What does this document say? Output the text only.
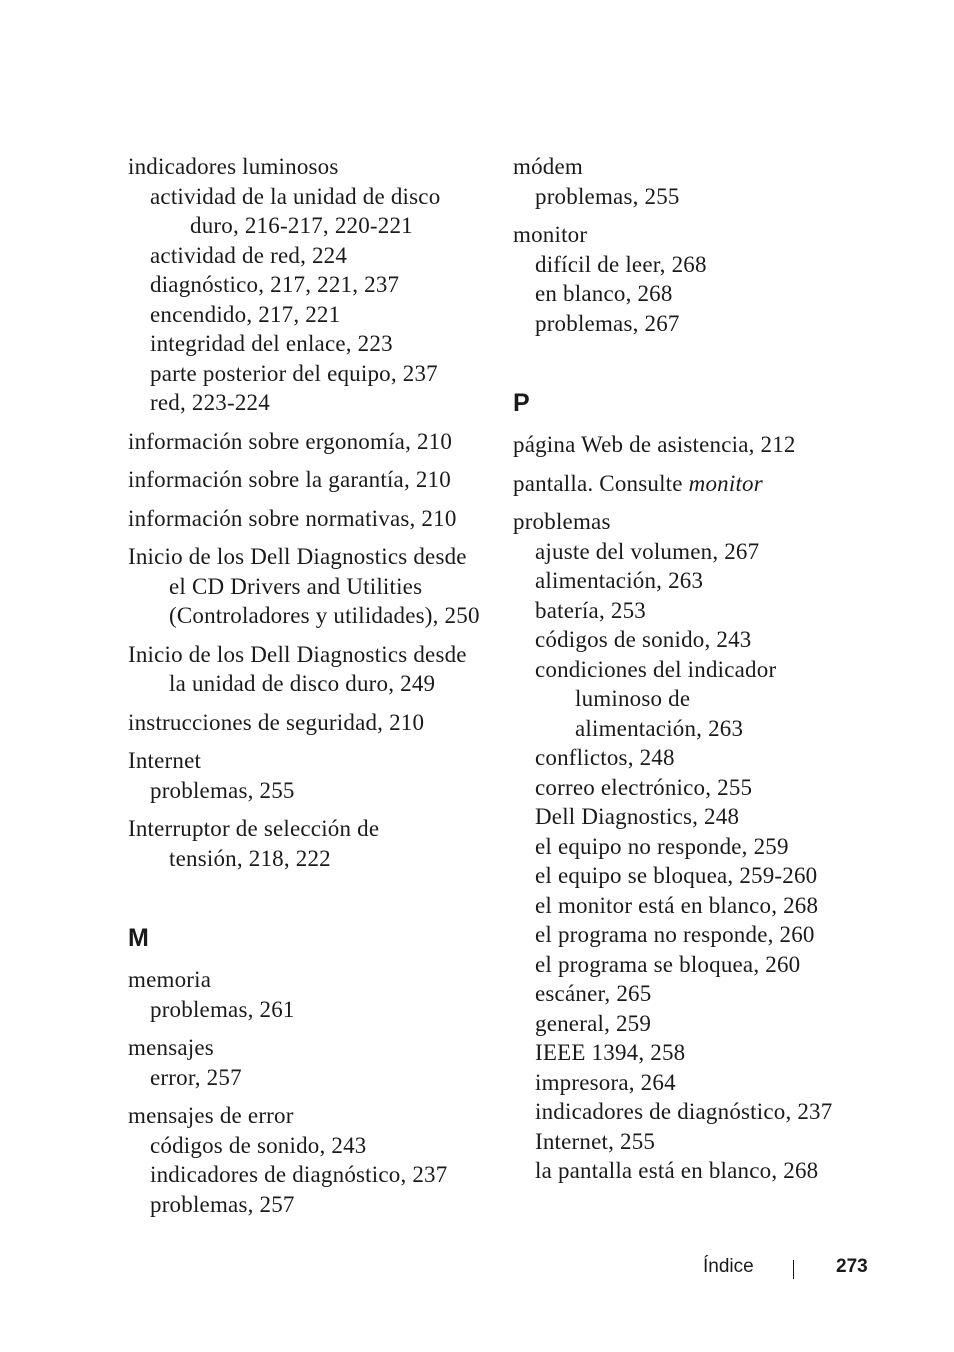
indicadores luminosos
actividad de la unidad de disco
duro, 216-217, 220-221
actividad de red, 224
diagnóstico, 217, 221, 237
encendido, 217, 221
integridad del enlace, 223
parte posterior del equipo, 237
red, 223-224
información sobre ergonomía, 210
información sobre la garantía, 210
información sobre normativas, 210
Inicio de los Dell Diagnostics desde
el CD Drivers and Utilities
(Controladores y utilidades), 250
Inicio de los Dell Diagnostics desde
la unidad de disco duro, 249
instrucciones de seguridad, 210
Internet
problemas, 255
Interruptor de selección de
tensión, 218, 222
M
memoria
problemas, 261
mensajes
error, 257
mensajes de error
códigos de sonido, 243
indicadores de diagnóstico, 237
problemas, 257
módem
problemas, 255
monitor
difícil de leer, 268
en blanco, 268
problemas, 267
P
página Web de asistencia, 212
pantalla. Consulte monitor
problemas
ajuste del volumen, 267
alimentación, 263
batería, 253
códigos de sonido, 243
condiciones del indicador
luminoso de
alimentación, 263
conflictos, 248
correo electrónico, 255
Dell Diagnostics, 248
el equipo no responde, 259
el equipo se bloquea, 259-260
el monitor está en blanco, 268
el programa no responde, 260
el programa se bloquea, 260
escáner, 265
general, 259
IEEE 1394, 258
impresora, 264
indicadores de diagnóstico, 237
Internet, 255
la pantalla está en blanco, 268
Índice	273
